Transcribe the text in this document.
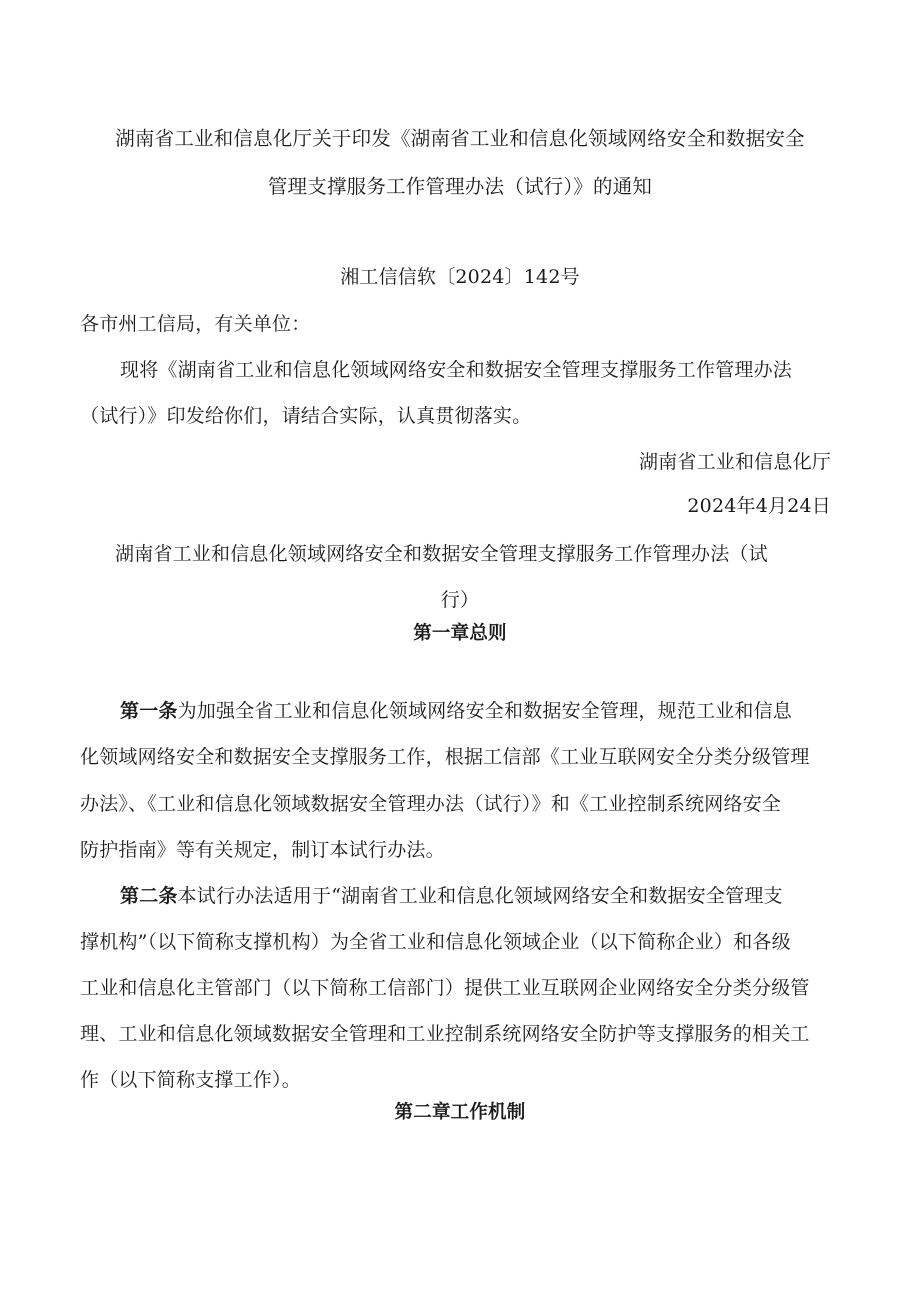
湖南省工业和信息化厅关于印发《湖南省工业和信息化领域网络安全和数据安全
管理支撑服务工作管理办法（试行）》的通知
湘工信信软〔2024〕142号
各市州工信局，有关单位：
现将《湖南省工业和信息化领域网络安全和数据安全管理支撑服务工作管理办法
（试行）》印发给你们，请结合实际，认真贯彻落实。
湖南省工业和信息化厅
2024年4月24日
湖南省工业和信息化领域网络安全和数据安全管理支撑服务工作管理办法（试
行）
第一章总则
第一条为加强全省工业和信息化领域网络安全和数据安全管理，规范工业和信息
化领域网络安全和数据安全支撑服务工作，根据工信部《工业互联网安全分类分级管理
办法》、《工业和信息化领域数据安全管理办法（试行）》和《工业控制系统网络安全
防护指南》等有关规定，制订本试行办法。
第二条本试行办法适用于“湖南省工业和信息化领域网络安全和数据安全管理支
撑机构”（以下简称支撑机构）为全省工业和信息化领域企业（以下简称企业）和各级
工业和信息化主管部门（以下简称工信部门）提供工业互联网企业网络安全分类分级管
理、工业和信息化领域数据安全管理和工业控制系统网络安全防护等支撑服务的相关工
作（以下简称支撑工作）。
第二章工作机制
